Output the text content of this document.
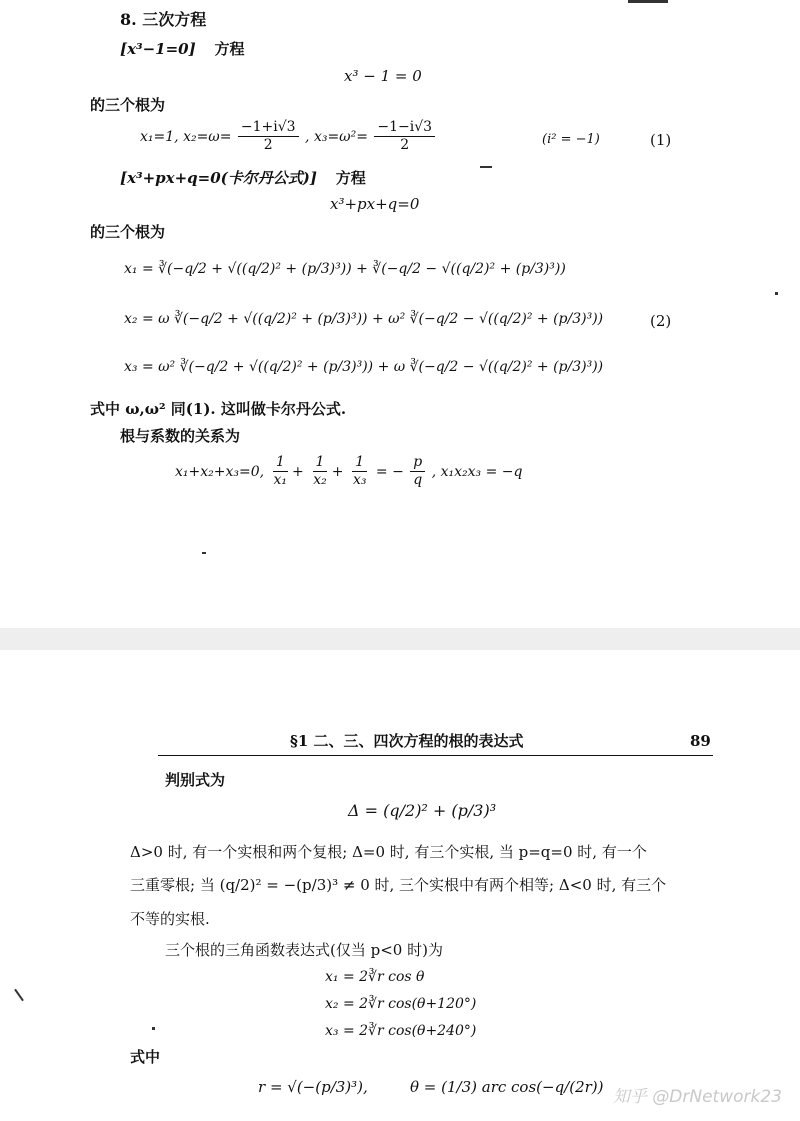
8. 三次方程
[x³−1=0] 方程
x³ − 1 = 0
的三个根为
x₁=1, $x_2=\omega= \frac{-1+i√3}{2}$ , $x_3=\omega^2= \frac{-1-i√3}{2}$	(i² = −1)	(1)
[x³+px+q=0(卡尔丹公式)] 方程
x³+px+q=0
的三个根为
x₁ = ∛(−q/2 + √((q/2)² + (p/3)³)) + ∛(−q/2 − √((q/2)² + (p/3)³))
x₂ = ω ∛(−q/2 + √((q/2)² + (p/3)³)) + ω² ∛(−q/2 − √((q/2)² + (p/3)³))	(2)
x₃ = ω² ∛(−q/2 + √((q/2)² + (p/3)³)) + ω ∛(−q/2 − √((q/2)² + (p/3)³))
式中 ω,ω² 同(1). 这叫做卡尔丹公式.
根与系数的关系为
x₁+x₂+x₃=0, $\frac{1}{\text{x₁}} + \frac{1}{\text{x₂}} + \frac{1}{\text{x₃}}$ = − $\frac{p}{q}$ , x₁x₂x₃ = −q
§1 二、三、四次方程的根的表达式	89
判别式为
Δ = (q/2)² + (p/3)³
Δ>0 时, 有一个实根和两个复根; Δ=0 时, 有三个实根, 当 p=q=0 时, 有一个
三重零根; 当 (q/2)² = −(p/3)³ ≠ 0 时, 三个实根中有两个相等; Δ<0 时, 有三个
不等的实根.
三个根的三角函数表达式(仅当 p<0 时)为
x₁ = 2∛r cos θ
x₂ = 2∛r cos(θ+120°)
x₃ = 2∛r cos(θ+240°)
式中
r = √(−(p/3)³),	θ = (1/3) arc cos(−q/(2r)) 知乎 @DrNetwork23
